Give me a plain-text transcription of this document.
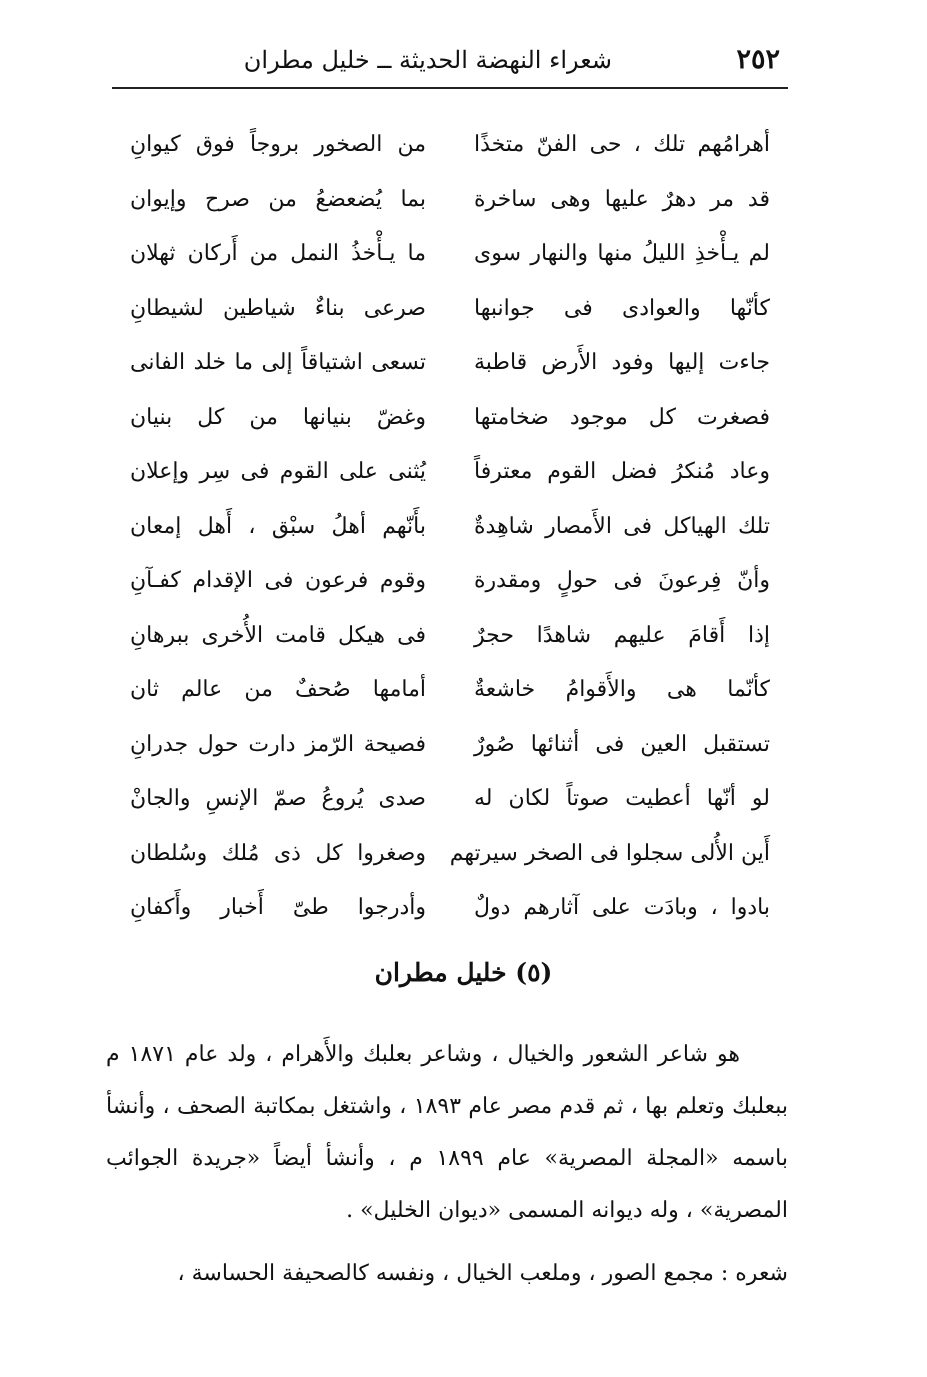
٢٥٢
شعراء النهضة الحديثة ــ خليل مطران
أهرامُهم تلك ، حى الفنّ متخذًا
من الصخور بروجاً فوق كيوانِ
قد مر دهرٌ عليها وهى ساخرة
بما يُضعضعُ من صرح وإيوان
لم يـأْخذِ الليلُ منها والنهار سوى
ما يـأْخذُ النمل من أَركان ثهلان
كأنّها والعوادى فى جوانبها
صرعى بناءٌ شياطين لشيطانِ
جاءت إليها وفود الأَرض قاطبة
تسعى اشتياقاً إلى ما خلد الفانى
فصغرت كل موجود ضخامتها
وغضّ بنيانها من كل بنيان
وعاد مُنكرُ فضل القوم معترفاً
يُثنى على القوم فى سِر وإعلان
تلك الهياكل فى الأَمصار شاهِدةٌ
بأَنّهم أهلُ سبْق ، أَهل إمعان
وأنّ فِرعونَ فى حولٍ ومقدرة
وقوم فرعون فى الإقدام كفـآنِ
إذا أَقامَ عليهم شاهدًا حجرٌ
فى هيكل قامت الأُخرى ببرهانِ
كأنّما هى والأَقوامُ خاشعةٌ
أمامها صُحفٌ من عالم ثان
تستقبل العين فى أثنائها صُورٌ
فصيحة الرّمز دارت حول جدرانِ
لو أنّها أعطيت صوتاً لكان له
صدى يُروعُ صمّ الإنسِ والجانْ
أَين الأُلى سجلوا فى الصخر سيرتهم
وصغروا كل ذى مُلك وسُلطان
بادوا ، وبادَت على آثارهم دولٌ
وأدرجوا طىّ أَخبار وأَكفانِ
(٥) خليل مطران

هو شاعر الشعور والخيال ، وشاعر بعلبك والأَهرام ، ولد عام ١٨٧١ م ببعلبك وتعلم بها ، ثم قدم مصر عام ١٨٩٣ ، واشتغل بمكاتبة الصحف ، وأنشأ باسمه «المجلة المصرية» عام ١٨٩٩ م ، وأنشأ أيضاً «جريدة الجوائب المصرية» ، وله ديوانه المسمى «ديوان الخليل» .

شعره : مجمع الصور ، وملعب الخيال ، ونفسه كالصحيفة الحساسة ،
